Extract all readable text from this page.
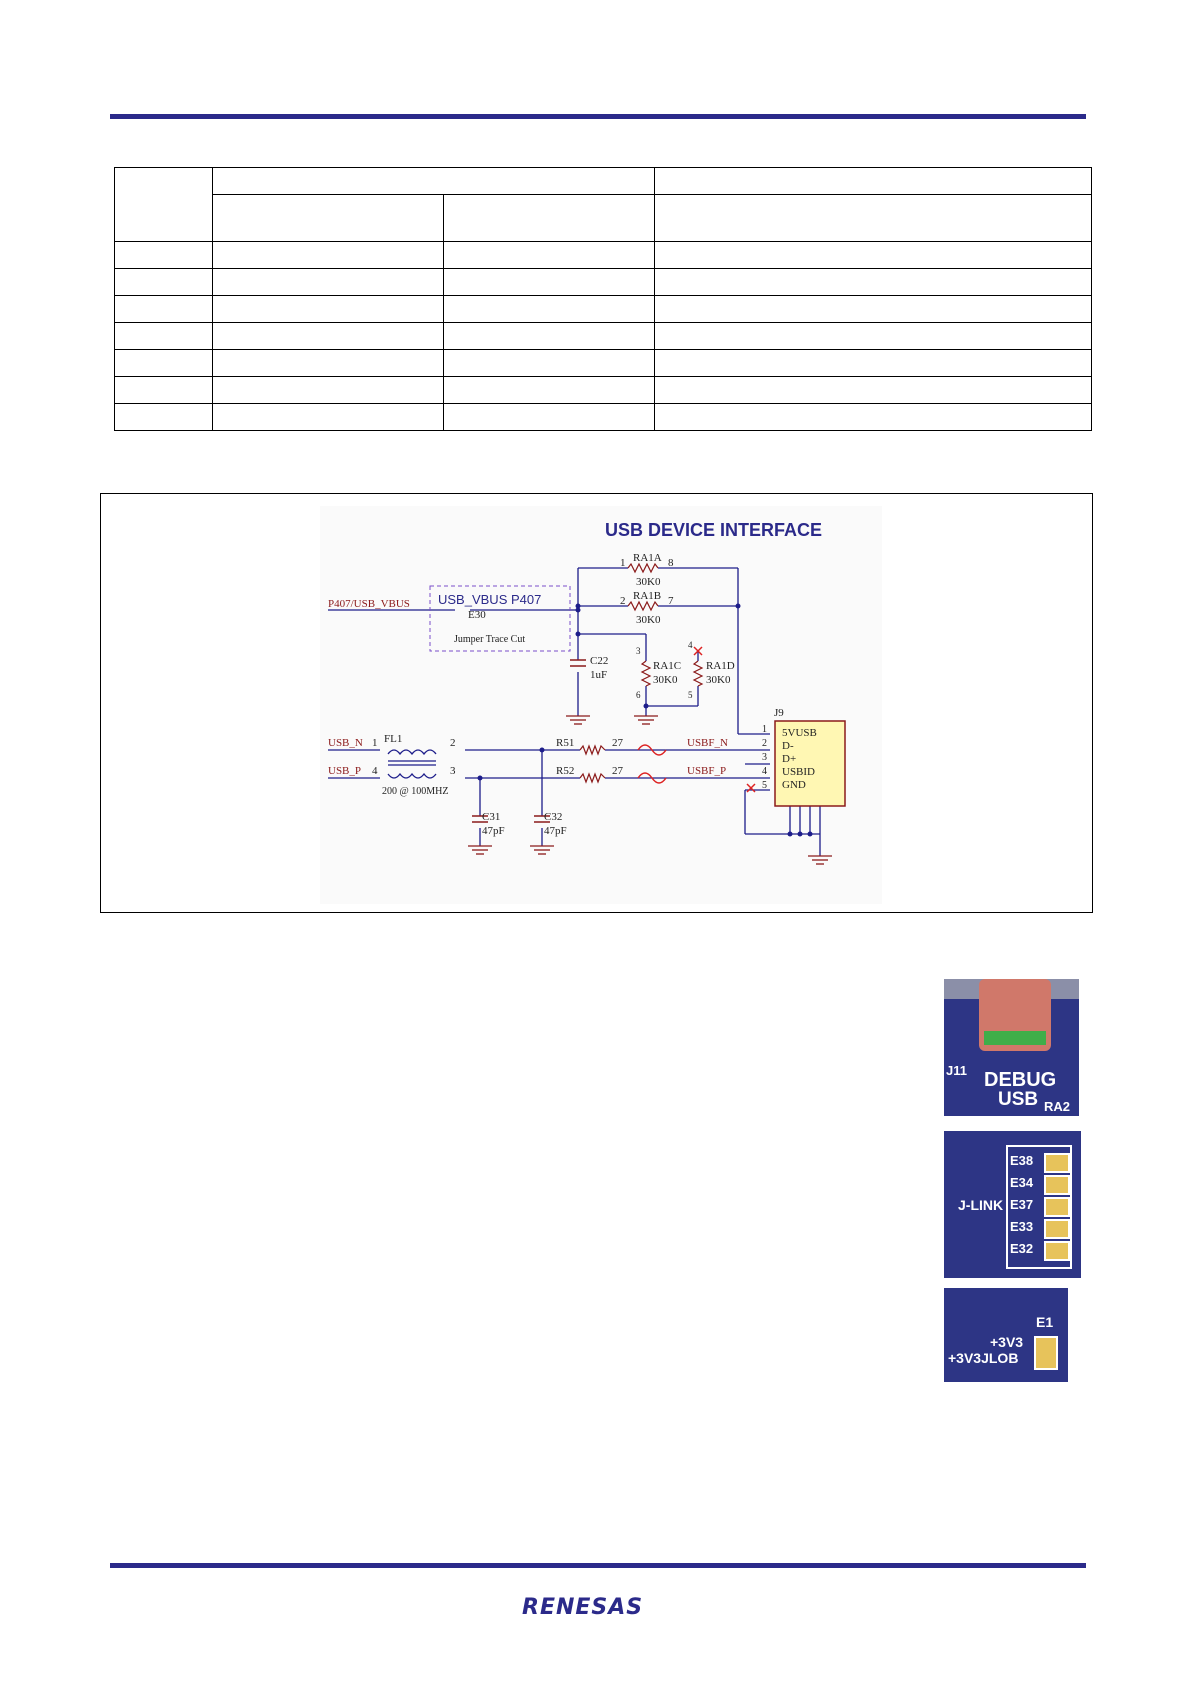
USB DEVICE INTERFACE
USB_VBUS P407
E30
Jumper Trace Cut
P407/USB_VBUS
1 RA1A 8
30K0
2 RA1B 7
30K0
3
RA1C
30K0
6
4
RA1D
30K0
5
C22
1uF
USB_N
USB_P
1
4
FL1	2
3
200 @ 100MHZ
R51	27
R52	27
C31
47pF
C32
47pF
USBF_N
USBF_P
J9
1
2
3
4
5
5VUSB
D-
D+
USBID
GND
J11 DEBUG
USB RA2
J-LINK
E38
E34
E37
E33
E32
E1
+3V3
+3V3JLOB
RENESAS
